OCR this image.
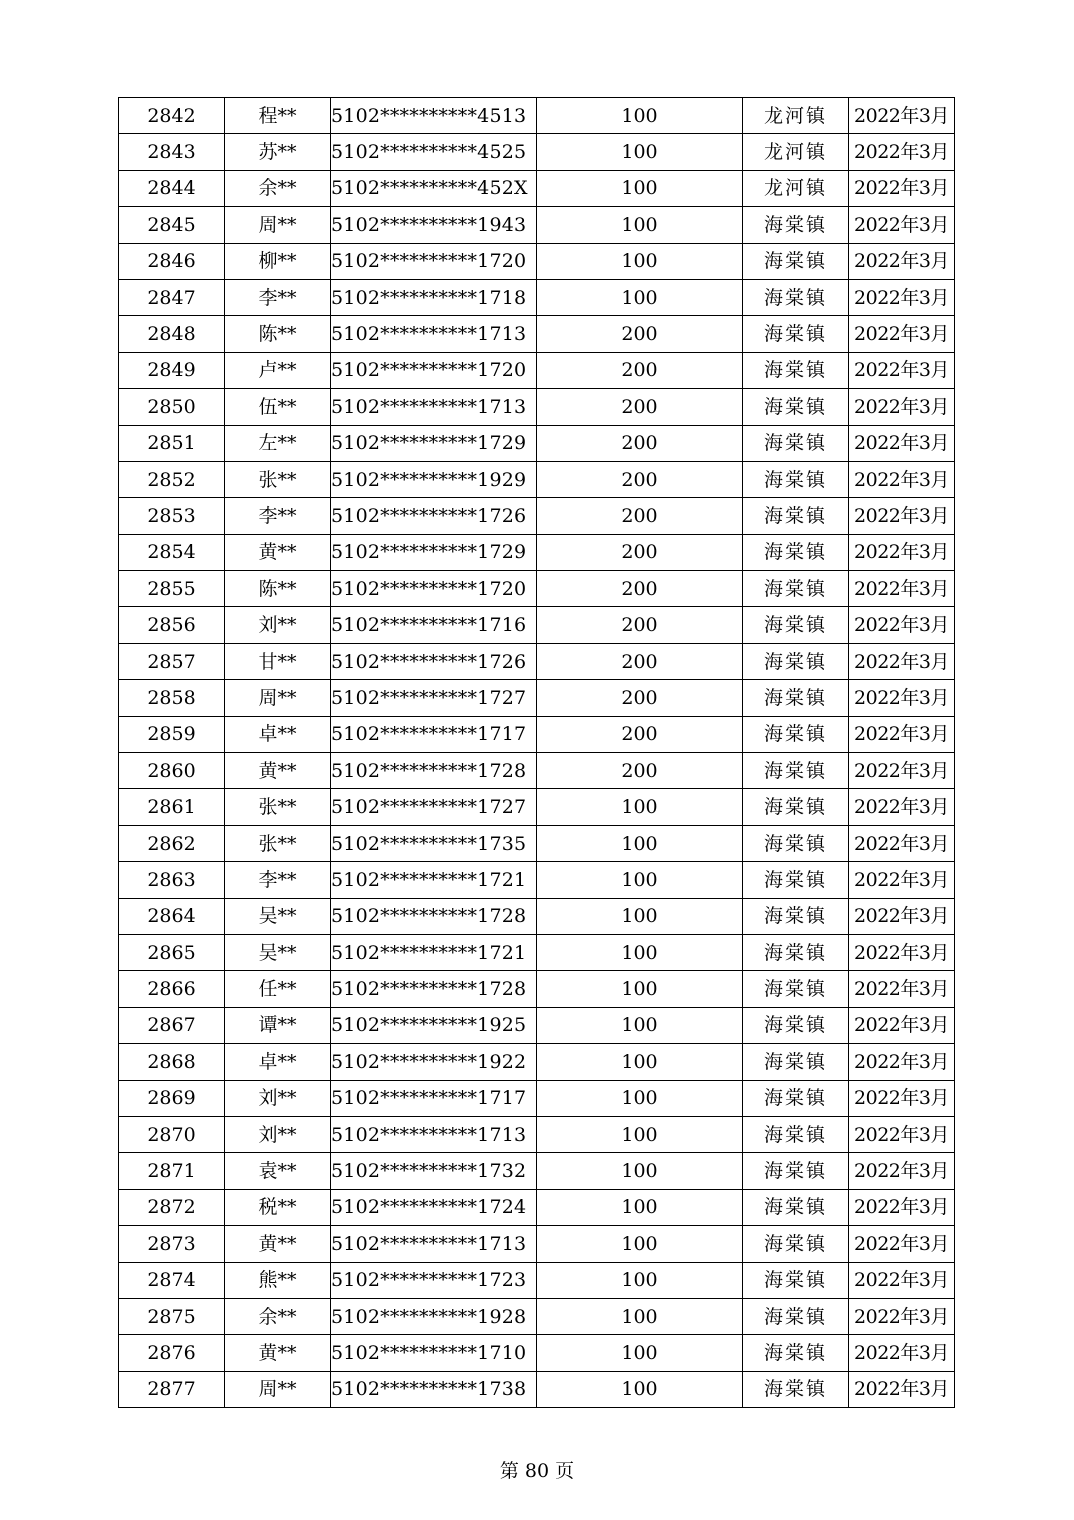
2842	程**	5102**********4513	100	龙河镇	2022年3月
2843	苏**	5102**********4525	100	龙河镇	2022年3月
2844	余**	5102**********452X	100	龙河镇	2022年3月
2845	周**	5102**********1943	100	海棠镇	2022年3月
2846	柳**	5102**********1720	100	海棠镇	2022年3月
2847	李**	5102**********1718	100	海棠镇	2022年3月
2848	陈**	5102**********1713	200	海棠镇	2022年3月
2849	卢**	5102**********1720	200	海棠镇	2022年3月
2850	伍**	5102**********1713	200	海棠镇	2022年3月
2851	左**	5102**********1729	200	海棠镇	2022年3月
2852	张**	5102**********1929	200	海棠镇	2022年3月
2853	李**	5102**********1726	200	海棠镇	2022年3月
2854	黄**	5102**********1729	200	海棠镇	2022年3月
2855	陈**	5102**********1720	200	海棠镇	2022年3月
2856	刘**	5102**********1716	200	海棠镇	2022年3月
2857	甘**	5102**********1726	200	海棠镇	2022年3月
2858	周**	5102**********1727	200	海棠镇	2022年3月
2859	卓**	5102**********1717	200	海棠镇	2022年3月
2860	黄**	5102**********1728	200	海棠镇	2022年3月
2861	张**	5102**********1727	100	海棠镇	2022年3月
2862	张**	5102**********1735	100	海棠镇	2022年3月
2863	李**	5102**********1721	100	海棠镇	2022年3月
2864	吴**	5102**********1728	100	海棠镇	2022年3月
2865	吴**	5102**********1721	100	海棠镇	2022年3月
2866	任**	5102**********1728	100	海棠镇	2022年3月
2867	谭**	5102**********1925	100	海棠镇	2022年3月
2868	卓**	5102**********1922	100	海棠镇	2022年3月
2869	刘**	5102**********1717	100	海棠镇	2022年3月
2870	刘**	5102**********1713	100	海棠镇	2022年3月
2871	袁**	5102**********1732	100	海棠镇	2022年3月
2872	税**	5102**********1724	100	海棠镇	2022年3月
2873	黄**	5102**********1713	100	海棠镇	2022年3月
2874	熊**	5102**********1723	100	海棠镇	2022年3月
2875	余**	5102**********1928	100	海棠镇	2022年3月
2876	黄**	5102**********1710	100	海棠镇	2022年3月
2877	周**	5102**********1738	100	海棠镇	2022年3月
第 80 页
